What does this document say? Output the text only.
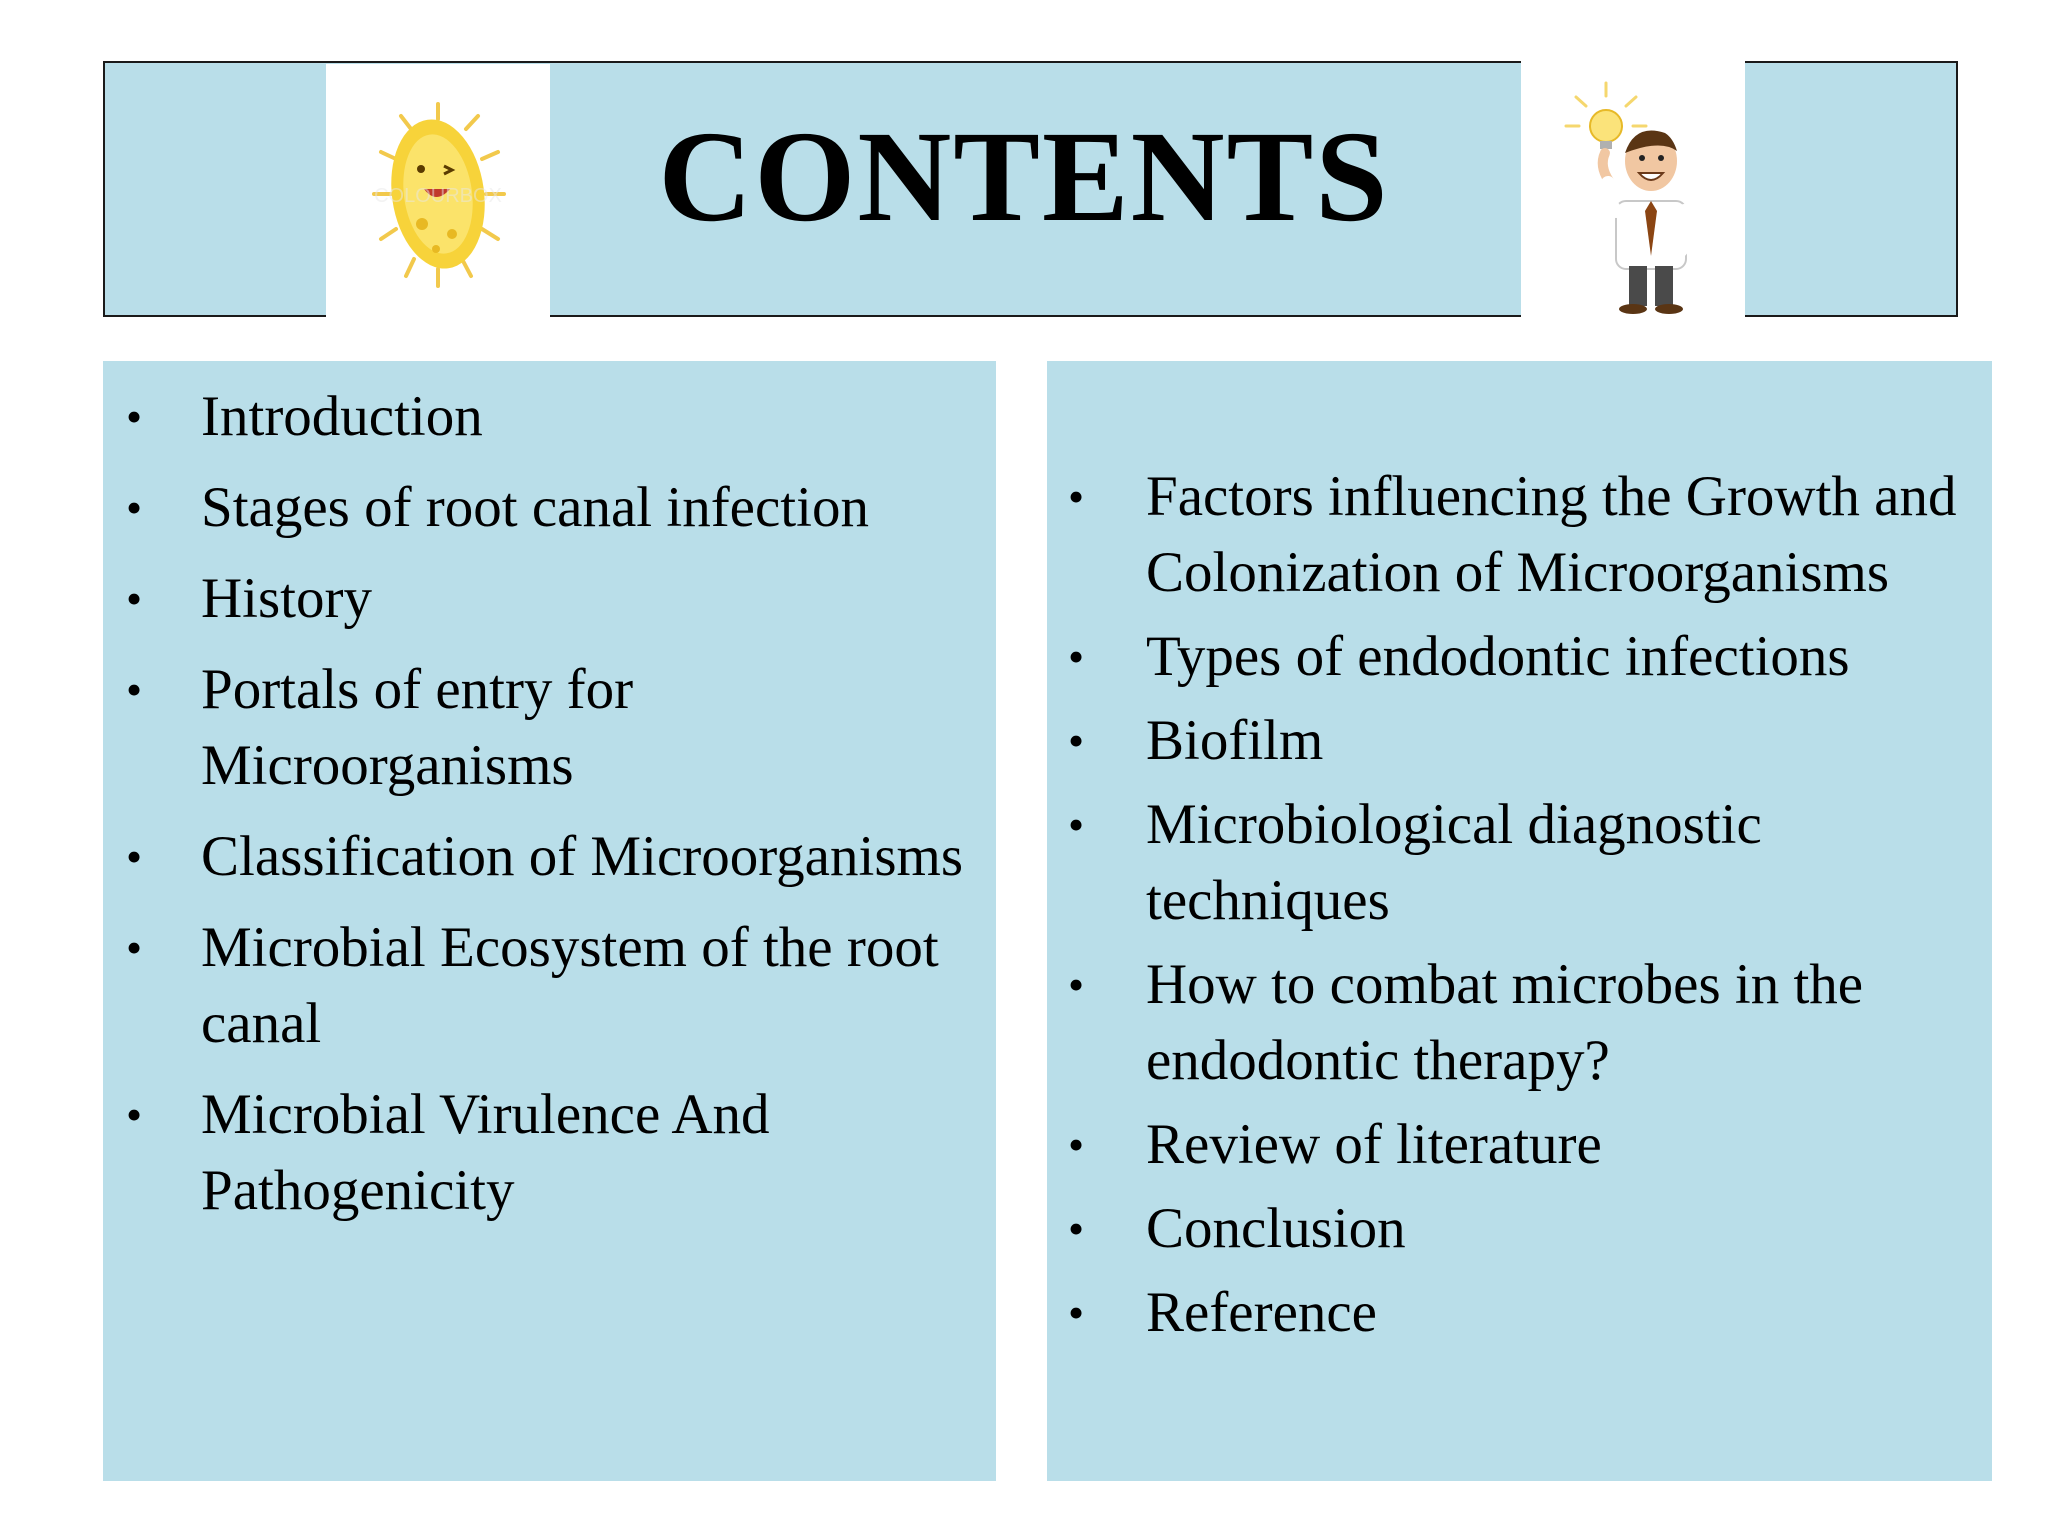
COLOURBOX	CONTENTS
• Introduction
• Stages of root canal infection
• History
• Portals of entry for Microorganisms
• Classification of Microorganisms
• Microbial Ecosystem of the root canal
• Microbial Virulence And Pathogenicity
• Factors influencing the Growth and Colonization of Microorganisms
• Types of endodontic infections
• Biofilm
• Microbiological diagnostic techniques
• How to combat microbes in the endodontic therapy?
• Review of literature
• Conclusion
• Reference
